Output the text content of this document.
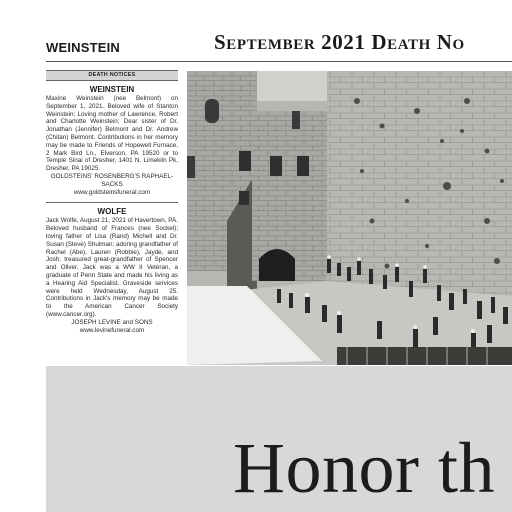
WEINSTEIN	September 2021 Death No
DEATH NOTICES
WEINSTEIN
Maxine Weinstein (nee Belmont) on September 1, 2021. Beloved wife of Stanton Weinstein; Loving mother of Lawrence, Robert and Charlotte Weinstein; Dear sister of Dr. Jonathan (Jennifer) Belmont and Dr. Andrew (Chitan) Belmont. Contributions in her memory may be made to Friends of Hopewell Furnace, 2 Mark Bird Ln., Elverson, PA 19520 or to Temple Sinai of Dresher, 1401 N. Limekiln Pk, Dresher, PA 19025.
GOLDSTEINS' ROSENBERG'S RAPHAEL-SACKS
www.goldsteinsfuneral.com
WOLFE
Jack Wolfe, August 21, 2021 of Havertown, PA. Beloved husband of Frances (nee Sockel); loving father of Lisa (Rand) Michell and Dr. Susan (Steve) Shulman; adoring grandfather of Rachel (Abe), Lauren (Robbie), Jayde, and Josh; treasured great-grandfather of Spencer and Oliver. Jack was a WW II Veteran, a graduate of Penn State and made his living as a Hearing Aid Specialist. Graveside services were held Wednesday, August 25. Contributions in Jack's memory may be made to the American Cancer Society (www.cancer.org).
JOSEPH LEVINE and SONS
www.levinefuneral.com
Honor th
